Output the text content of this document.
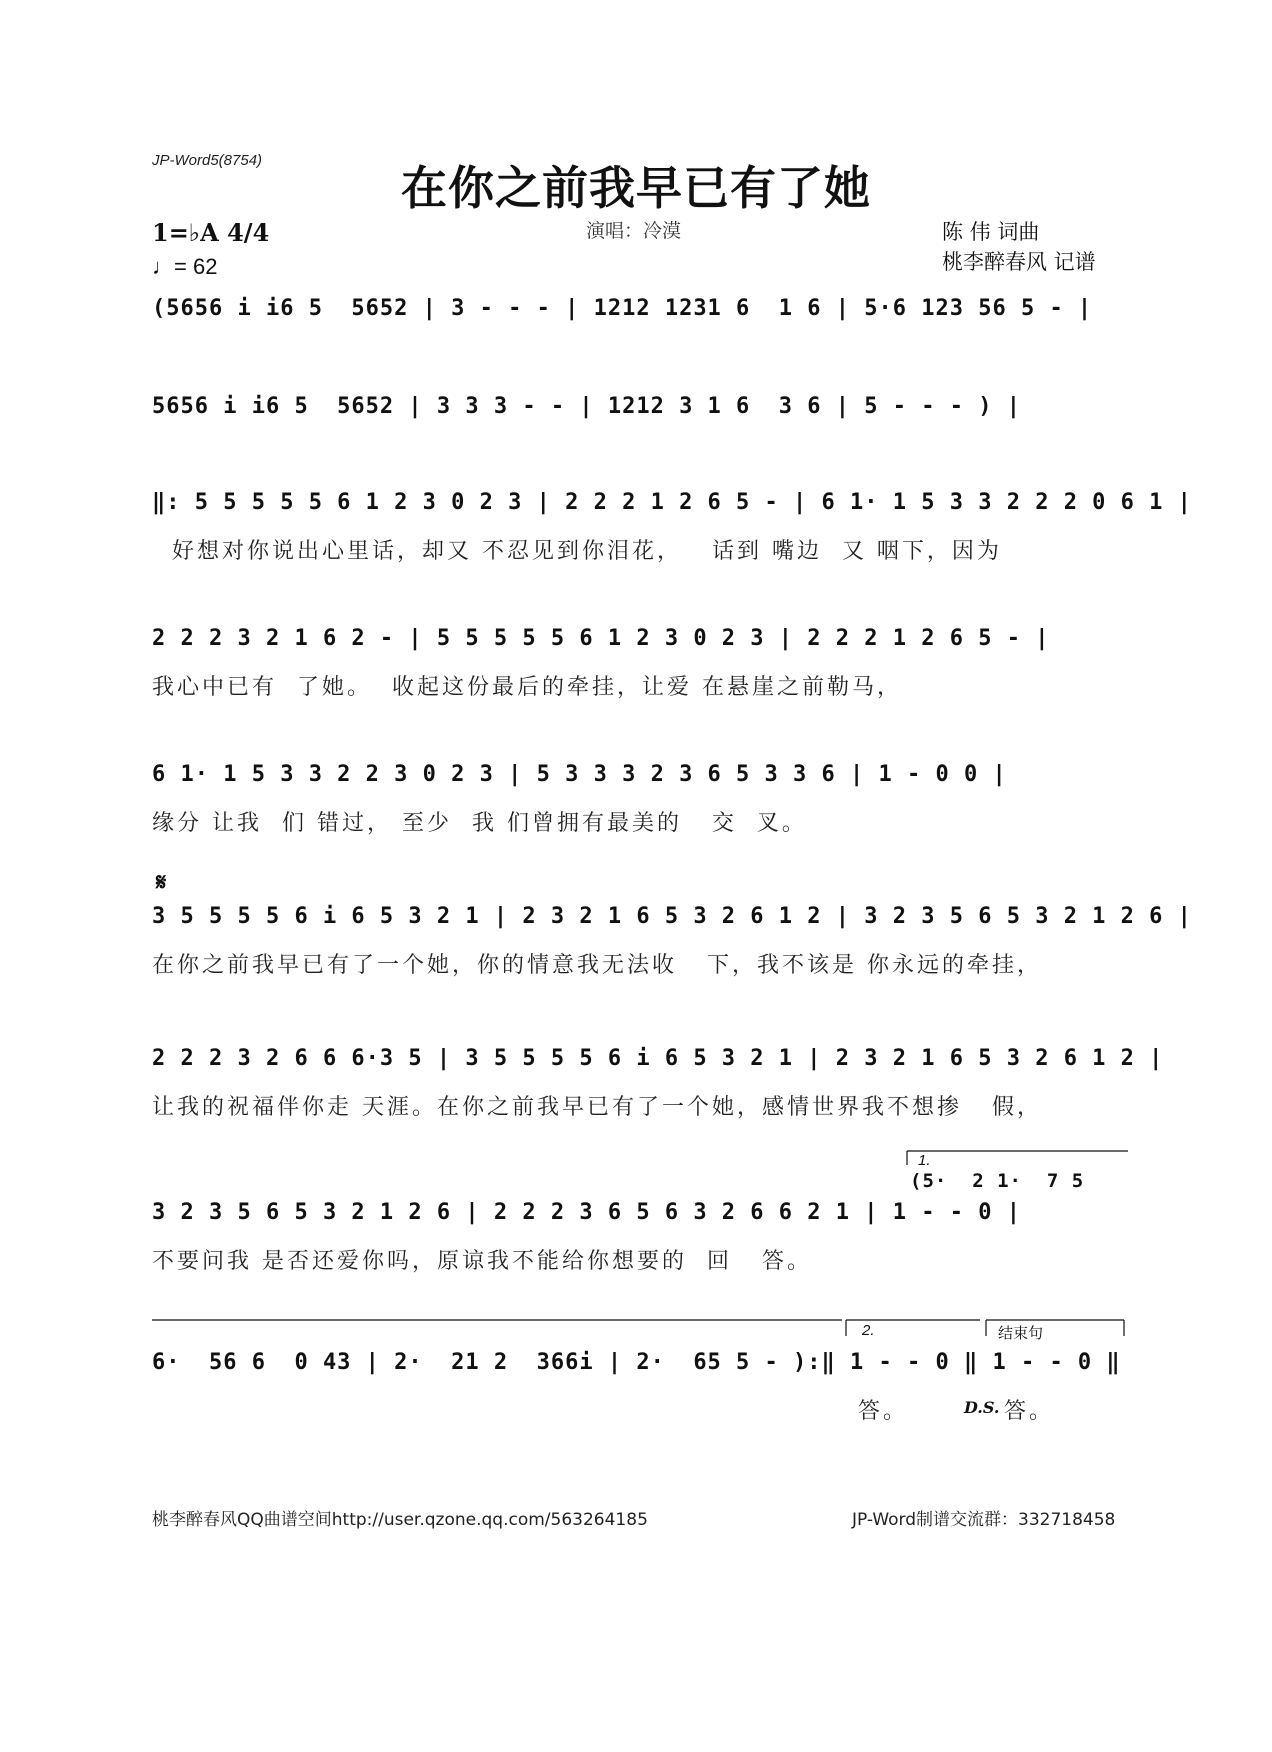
JP-Word5(8754)
在你之前我早已有了她
1=♭A 4/4
♩= 62
演唱：冷漠	陈 伟 词曲
桃李醉春风 记谱
(5656 i i6 5  5652 | 3 - - - | 1212 1231 6  1 6 | 5·6 123 56 5 - |
5656 i i6 5  5652 | 3 3 3 - - | 1212 3 1 6  3 6 | 5 - - - ) |
‖: 5 5 5 5 5 6 1 2 3 0 2 3 | 2 2 2 1 2 6 5 - | 6 1· 1 5 3 3 2 2 2 0 6 1 |
好想对你说出心里话，却又 不忍见到你泪花，   话到 嘴边  又 咽下，因为
2 2 2 3 2 1 6 2 - | 5 5 5 5 5 6 1 2 3 0 2 3 | 2 2 2 1 2 6 5 - |
我心中已有  了她。  收起这份最后的牵挂，让爱 在悬崖之前勒马，
6 1· 1 5 3 3 2 2 3 0 2 3 | 5 3 3 3 2 3 6 5 3 3 6 | 1 - 0 0 |
缘分 让我  们 错过， 至少  我 们曾拥有最美的   交  叉。
𝄋
3 5 5 5 5 6 i 6 5 3 2 1 | 2 3 2 1 6 5 3 2 6 1 2 | 3 2 3 5 6 5 3 2 1 2 6 |
在你之前我早已有了一个她，你的情意我无法收   下，我不该是 你永远的牵挂，
2 2 2 3 2 6 6 6·3 5 | 3 5 5 5 5 6 i 6 5 3 2 1 | 2 3 2 1 6 5 3 2 6 1 2 |
让我的祝福伴你走 天涯。在你之前我早已有了一个她，感情世界我不想掺   假，
1.
(5·  2 1·  7 5
3 2 3 5 6 5 3 2 1 2 6 | 2 2 2 3 6 5 6 3 2 6 6 2 1 | 1 - - 0 |
不要问我 是否还爱你吗，原谅我不能给你想要的  回   答。
2.	结束句
6·  56 6  0 43 | 2·  21 2  366i | 2·  65 5 - ):‖ 1 - - 0 ‖ 1 - - 0 ‖
答。	D.S. 答。
桃李醉春风QQ曲谱空间http://user.qzone.qq.com/563264185	JP-Word制谱交流群：332718458
